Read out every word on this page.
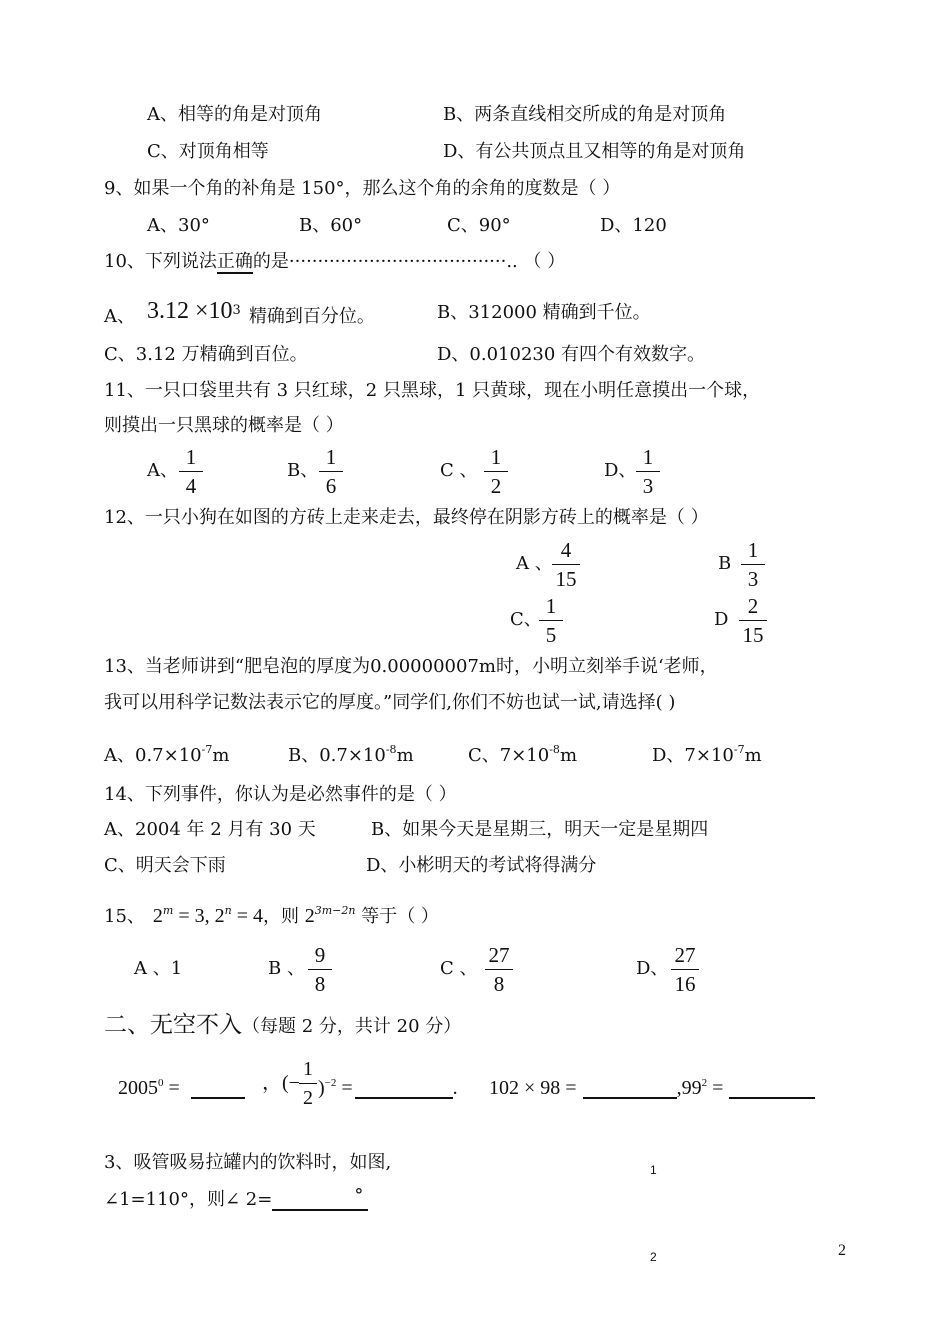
A、相等的角是对顶角	B、两条直线相交所成的角是对顶角
C、对顶角相等	D、有公共顶点且又相等的角是对顶角
9、如果一个角的补角是 150°，那么这个角的余角的度数是（ ）
A、30°	B、60°	C、90°	D、120
10、下列说法正确的是······································.. （ ）
A、 $3.12 \times 10^3$ 精确到百分位。	B、312000 精确到千位。
C、3.12 万精确到百位。	D、0.010230 有四个有效数字。
11、一只口袋里共有 3 只红球，2 只黑球，1 只黄球，现在小明任意摸出一个球，
则摸出一只黑球的概率是（ ）
A、
1
4
B、
1
6
C 、
1
2
D、
1
3
12、一只小狗在如图的方砖上走来走去，最终停在阴影方砖上的概率是（ ）
A 、
4
15
B
1
3
C、
1
5
D
2
15
13、当老师讲到“肥皂泡的厚度为0.00000007m时，小明立刻举手说‘老师，
我可以用科学记数法表示它的厚度。”同学们,你们不妨也试一试,请选择( )
A、$0.7\times 10^{-7}m$	B、$0.7\times 10^{-8}m$	C、$7\times 10^{-8}m$	D、$7\times 10^{-7}m$
14、下列事件，你认为是必然事件的是（ ）
A、2004 年 2 月有 30 天	B、如果今天是星期三，明天一定是星期四
C、明天会下雨	D、小彬明天的考试将得满分
15、 $2^m = 3$, $2^n = 4$，则 $2^{3m-2n}$ 等于（ ）
A 、1	B 、
9
8
C 、
27
8
D、
27
16
二、无空不入（每题 2 分，共计 20 分）
$2005^0$ =	，(−
1
2 )$^{-2}$ =	. 102 × 98 =	$,99^2$ =
3、吸管吸易拉罐内的饮料时，如图,
∠1=110°，则∠ 2=	°
1
2	2
